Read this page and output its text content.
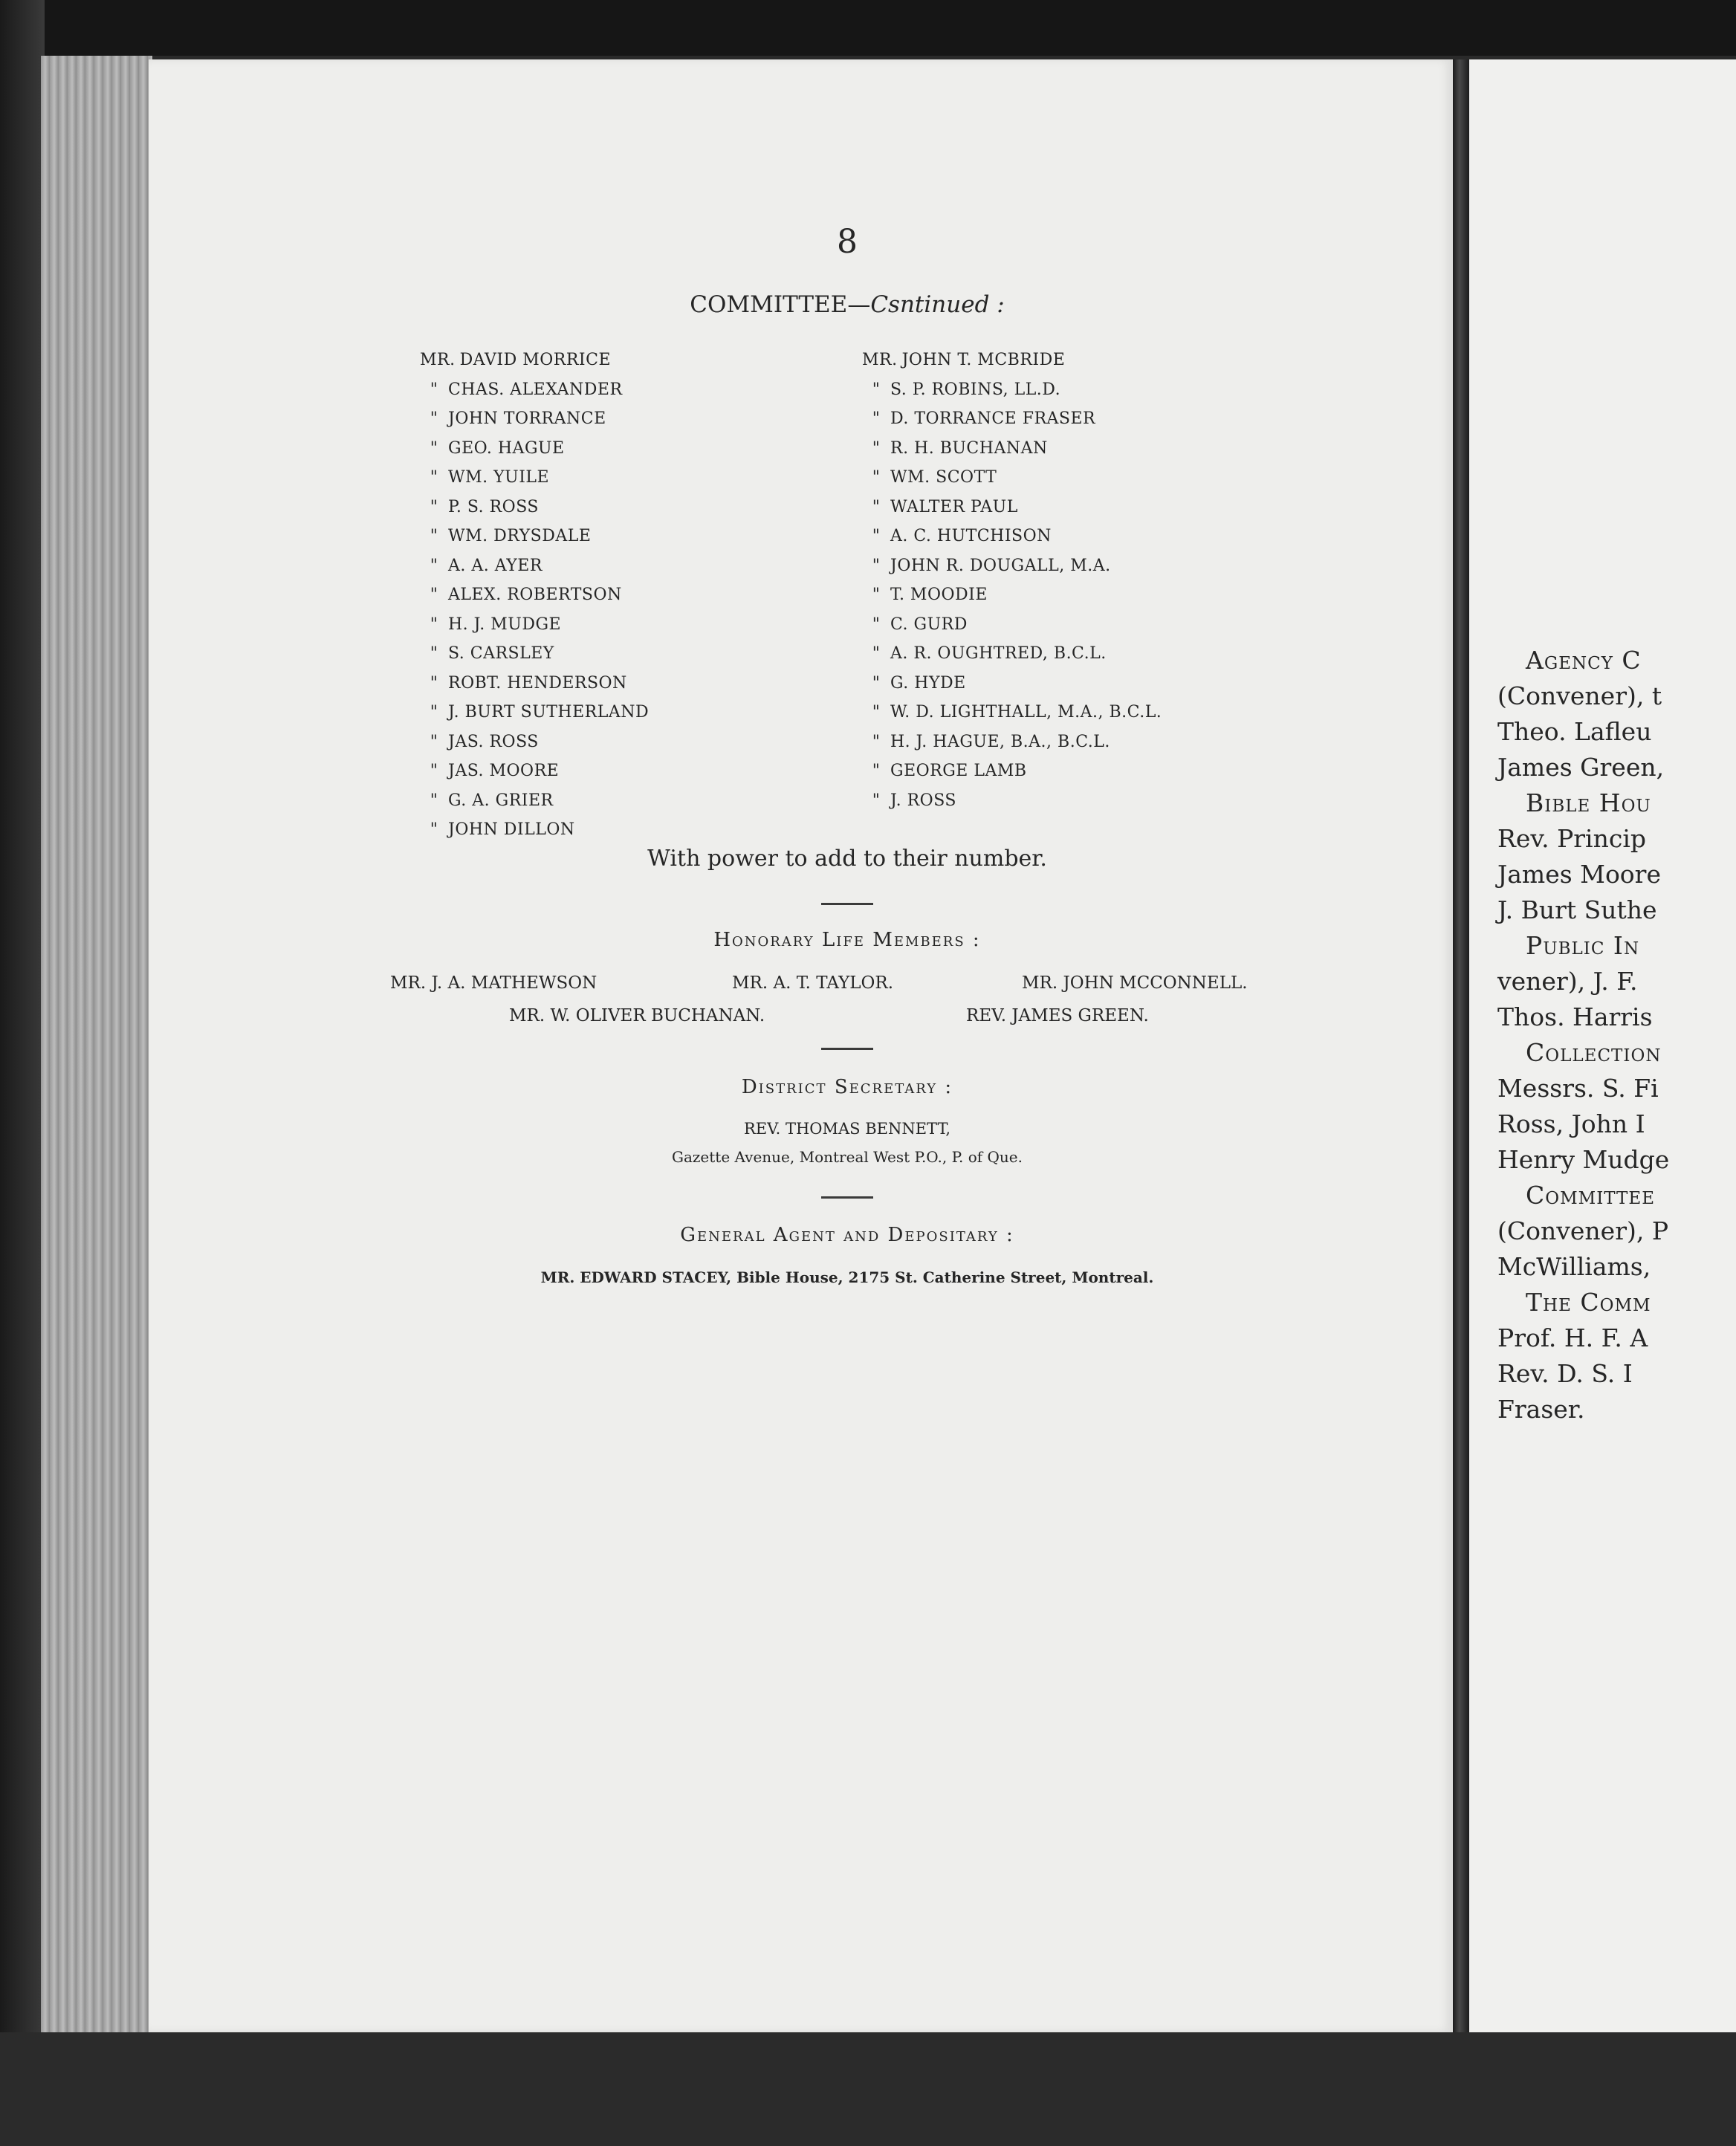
8
COMMITTEE—Csntinued :
MR. DAVID MORRICE
" CHAS. ALEXANDER
" JOHN TORRANCE
" GEO. HAGUE
" WM. YUILE
" P. S. ROSS
" WM. DRYSDALE
" A. A. AYER
" ALEX. ROBERTSON
" H. J. MUDGE
" S. CARSLEY
" ROBT. HENDERSON
" J. BURT SUTHERLAND
" JAS. ROSS
" JAS. MOORE
" G. A. GRIER
" JOHN DILLON
MR. JOHN T. MCBRIDE
" S. P. ROBINS, LL.D.
" D. TORRANCE FRASER
" R. H. BUCHANAN
" WM. SCOTT
" WALTER PAUL
" A. C. HUTCHISON
" JOHN R. DOUGALL, M.A.
" T. MOODIE
" C. GURD
" A. R. OUGHTRED, B.C.L.
" G. HYDE
" W. D. LIGHTHALL, M.A., B.C.L.
" H. J. HAGUE, B.A., B.C.L.
" GEORGE LAMB
" J. ROSS
With power to add to their number.
Honorary Life Members :
MR. J. A. MATHEWSON	MR. A. T. TAYLOR.	MR. JOHN MCCONNELL.
MR. W. OLIVER BUCHANAN.	REV. JAMES GREEN.
District Secretary :
REV. THOMAS BENNETT,
Gazette Avenue, Montreal West P.O., P. of Que.
General Agent and Depositary :
MR. EDWARD STACEY, Bible House, 2175 St. Catherine Street, Montreal.
Agency C
(Convener), t
Theo. Lafleu
James Green,
Bible Hou
Rev. Princip
James Moore
J. Burt Suthe
Public In
vener), J. F.
Thos. Harris
Collection
Messrs. S. Fi
Ross, John I
Henry Mudge
Committee
(Convener), P
McWilliams,
The Comm
Prof. H. F. A
Rev. D. S. I
Fraser.
